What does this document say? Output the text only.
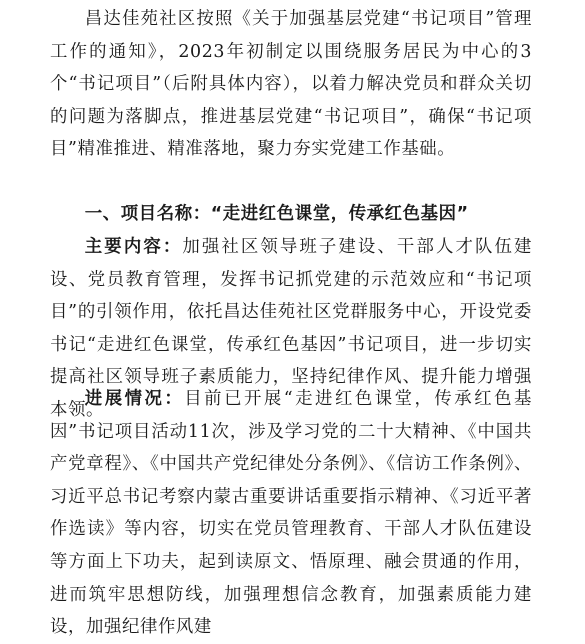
昌达佳苑社区按照《关于加强基层党建“书记项目”管理工作的通知》，2023年初制定以围绕服务居民为中心的3个“书记项目”（后附具体内容），以着力解决党员和群众关切的问题为落脚点，推进基层党建“书记项目”，确保“书记项目”精准推进、精准落地，聚力夯实党建工作基础。

一、项目名称：“走进红色课堂，传承红色基因”

主要内容：加强社区领导班子建设、干部人才队伍建设、党员教育管理，发挥书记抓党建的示范效应和“书记项目”的引领作用，依托昌达佳苑社区党群服务中心，开设党委书记“走进红色课堂，传承红色基因”书记项目，进一步切实提高社区领导班子素质能力，坚持纪律作风、提升能力增强本领。

进展情况：目前已开展“走进红色课堂，传承红色基因”书记项目活动11次，涉及学习党的二十大精神、《中国共产党章程》、《中国共产党纪律处分条例》、《信访工作条例》、习近平总书记考察内蒙古重要讲话重要指示精神、《习近平著作选读》等内容，切实在党员管理教育、干部人才队伍建设等方面上下功夫，起到读原文、悟原理、融会贯通的作用，进而筑牢思想防线，加强理想信念教育，加强素质能力建设，加强纪律作风建
